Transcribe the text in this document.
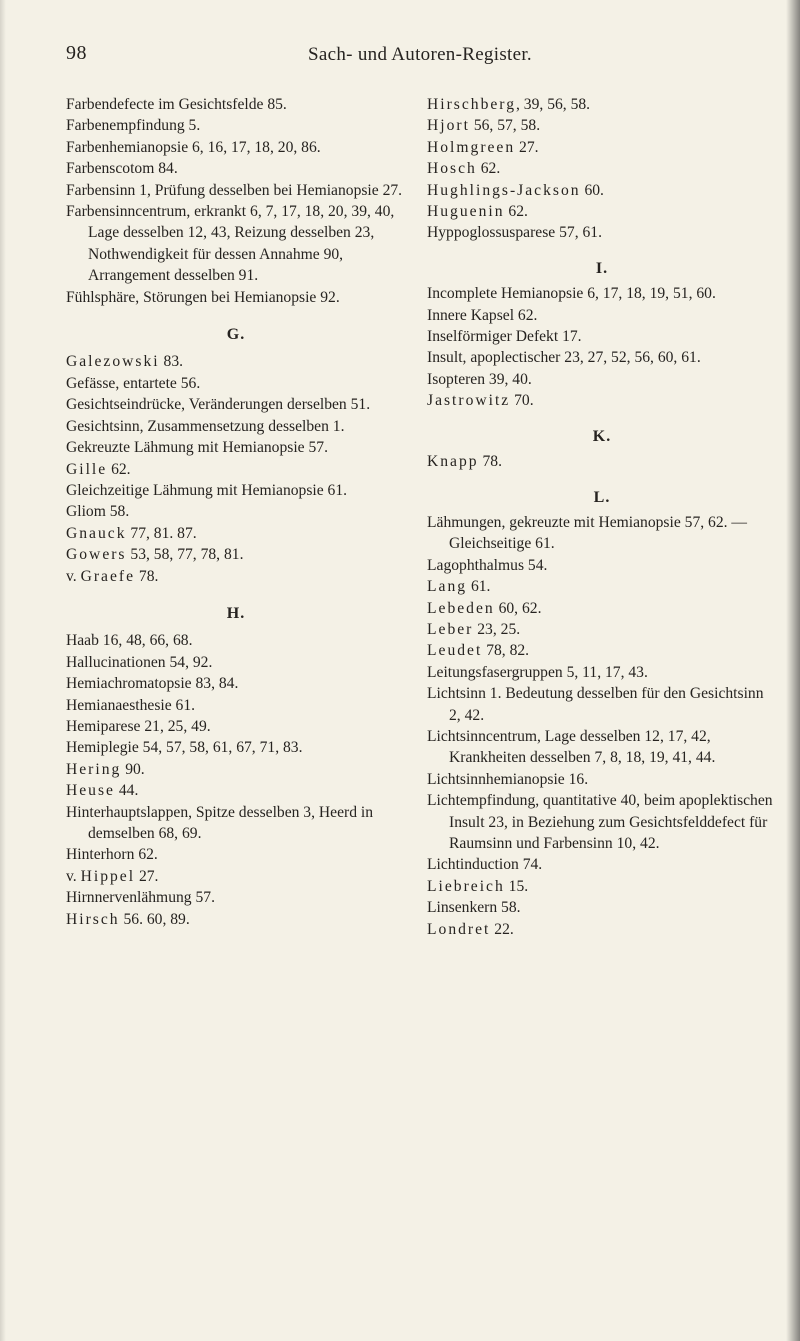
98	Sach- und Autoren-Register.

Farbendefecte im Gesichtsfelde 85.

Farbenempfindung 5.

Farbenhemianopsie 6, 16, 17, 18, 20, 86.

Farbenscotom 84.

Farbensinn 1, Prüfung desselben bei Hemianopsie 27.

Farbensinncentrum, erkrankt 6, 7, 17, 18, 20, 39, 40, Lage desselben 12, 43, Reizung desselben 23, Nothwendigkeit für dessen Annahme 90, Arrangement desselben 91.

Fühlsphäre, Störungen bei Hemianopsie 92.

G.

Galezowski 83.

Gefässe, entartete 56.

Gesichtseindrücke, Veränderungen derselben 51.

Gesichtsinn, Zusammensetzung desselben 1.

Gekreuzte Lähmung mit Hemianopsie 57.

Gille 62.

Gleichzeitige Lähmung mit Hemianopsie 61.

Gliom 58.

Gnauck 77, 81. 87.

Gowers 53, 58, 77, 78, 81.

v. Graefe 78.

H.

Haab 16, 48, 66, 68.

Hallucinationen 54, 92.

Hemiachromatopsie 83, 84.

Hemianaesthesie 61.

Hemiparese 21, 25, 49.

Hemiplegie 54, 57, 58, 61, 67, 71, 83.

Hering 90.

Heuse 44.

Hinterhauptslappen, Spitze desselben 3, Heerd in demselben 68, 69.

Hinterhorn 62.

v. Hippel 27.

Hirnnervenlähmung 57.

Hirsch 56. 60, 89.

Hirschberg, 39, 56, 58.

Hjort 56, 57, 58.

Holmgreen 27.

Hosch 62.

Hughlings-Jackson 60.

Huguenin 62.

Hyppoglossusparese 57, 61.

I.

Incomplete Hemianopsie 6, 17, 18, 19, 51, 60.

Innere Kapsel 62.

Inselförmiger Defekt 17.

Insult, apoplectischer 23, 27, 52, 56, 60, 61.

Isopteren 39, 40.

Jastrowitz 70.

K.

Knapp 78.

L.

Lähmungen, gekreuzte mit Hemianopsie 57, 62. — Gleichseitige 61.

Lagophthalmus 54.

Lang 61.

Lebeden 60, 62.

Leber 23, 25.

Leudet 78, 82.

Leitungsfasergruppen 5, 11, 17, 43.

Lichtsinn 1. Bedeutung desselben für den Gesichtsinn 2, 42.

Lichtsinncentrum, Lage desselben 12, 17, 42, Krankheiten desselben 7, 8, 18, 19, 41, 44.

Lichtsinnhemianopsie 16.

Lichtempfindung, quantitative 40, beim apoplektischen Insult 23, in Beziehung zum Gesichtsfelddefect für Raumsinn und Farbensinn 10, 42.

Lichtinduction 74.

Liebreich 15.

Linsenkern 58.

Londret 22.
